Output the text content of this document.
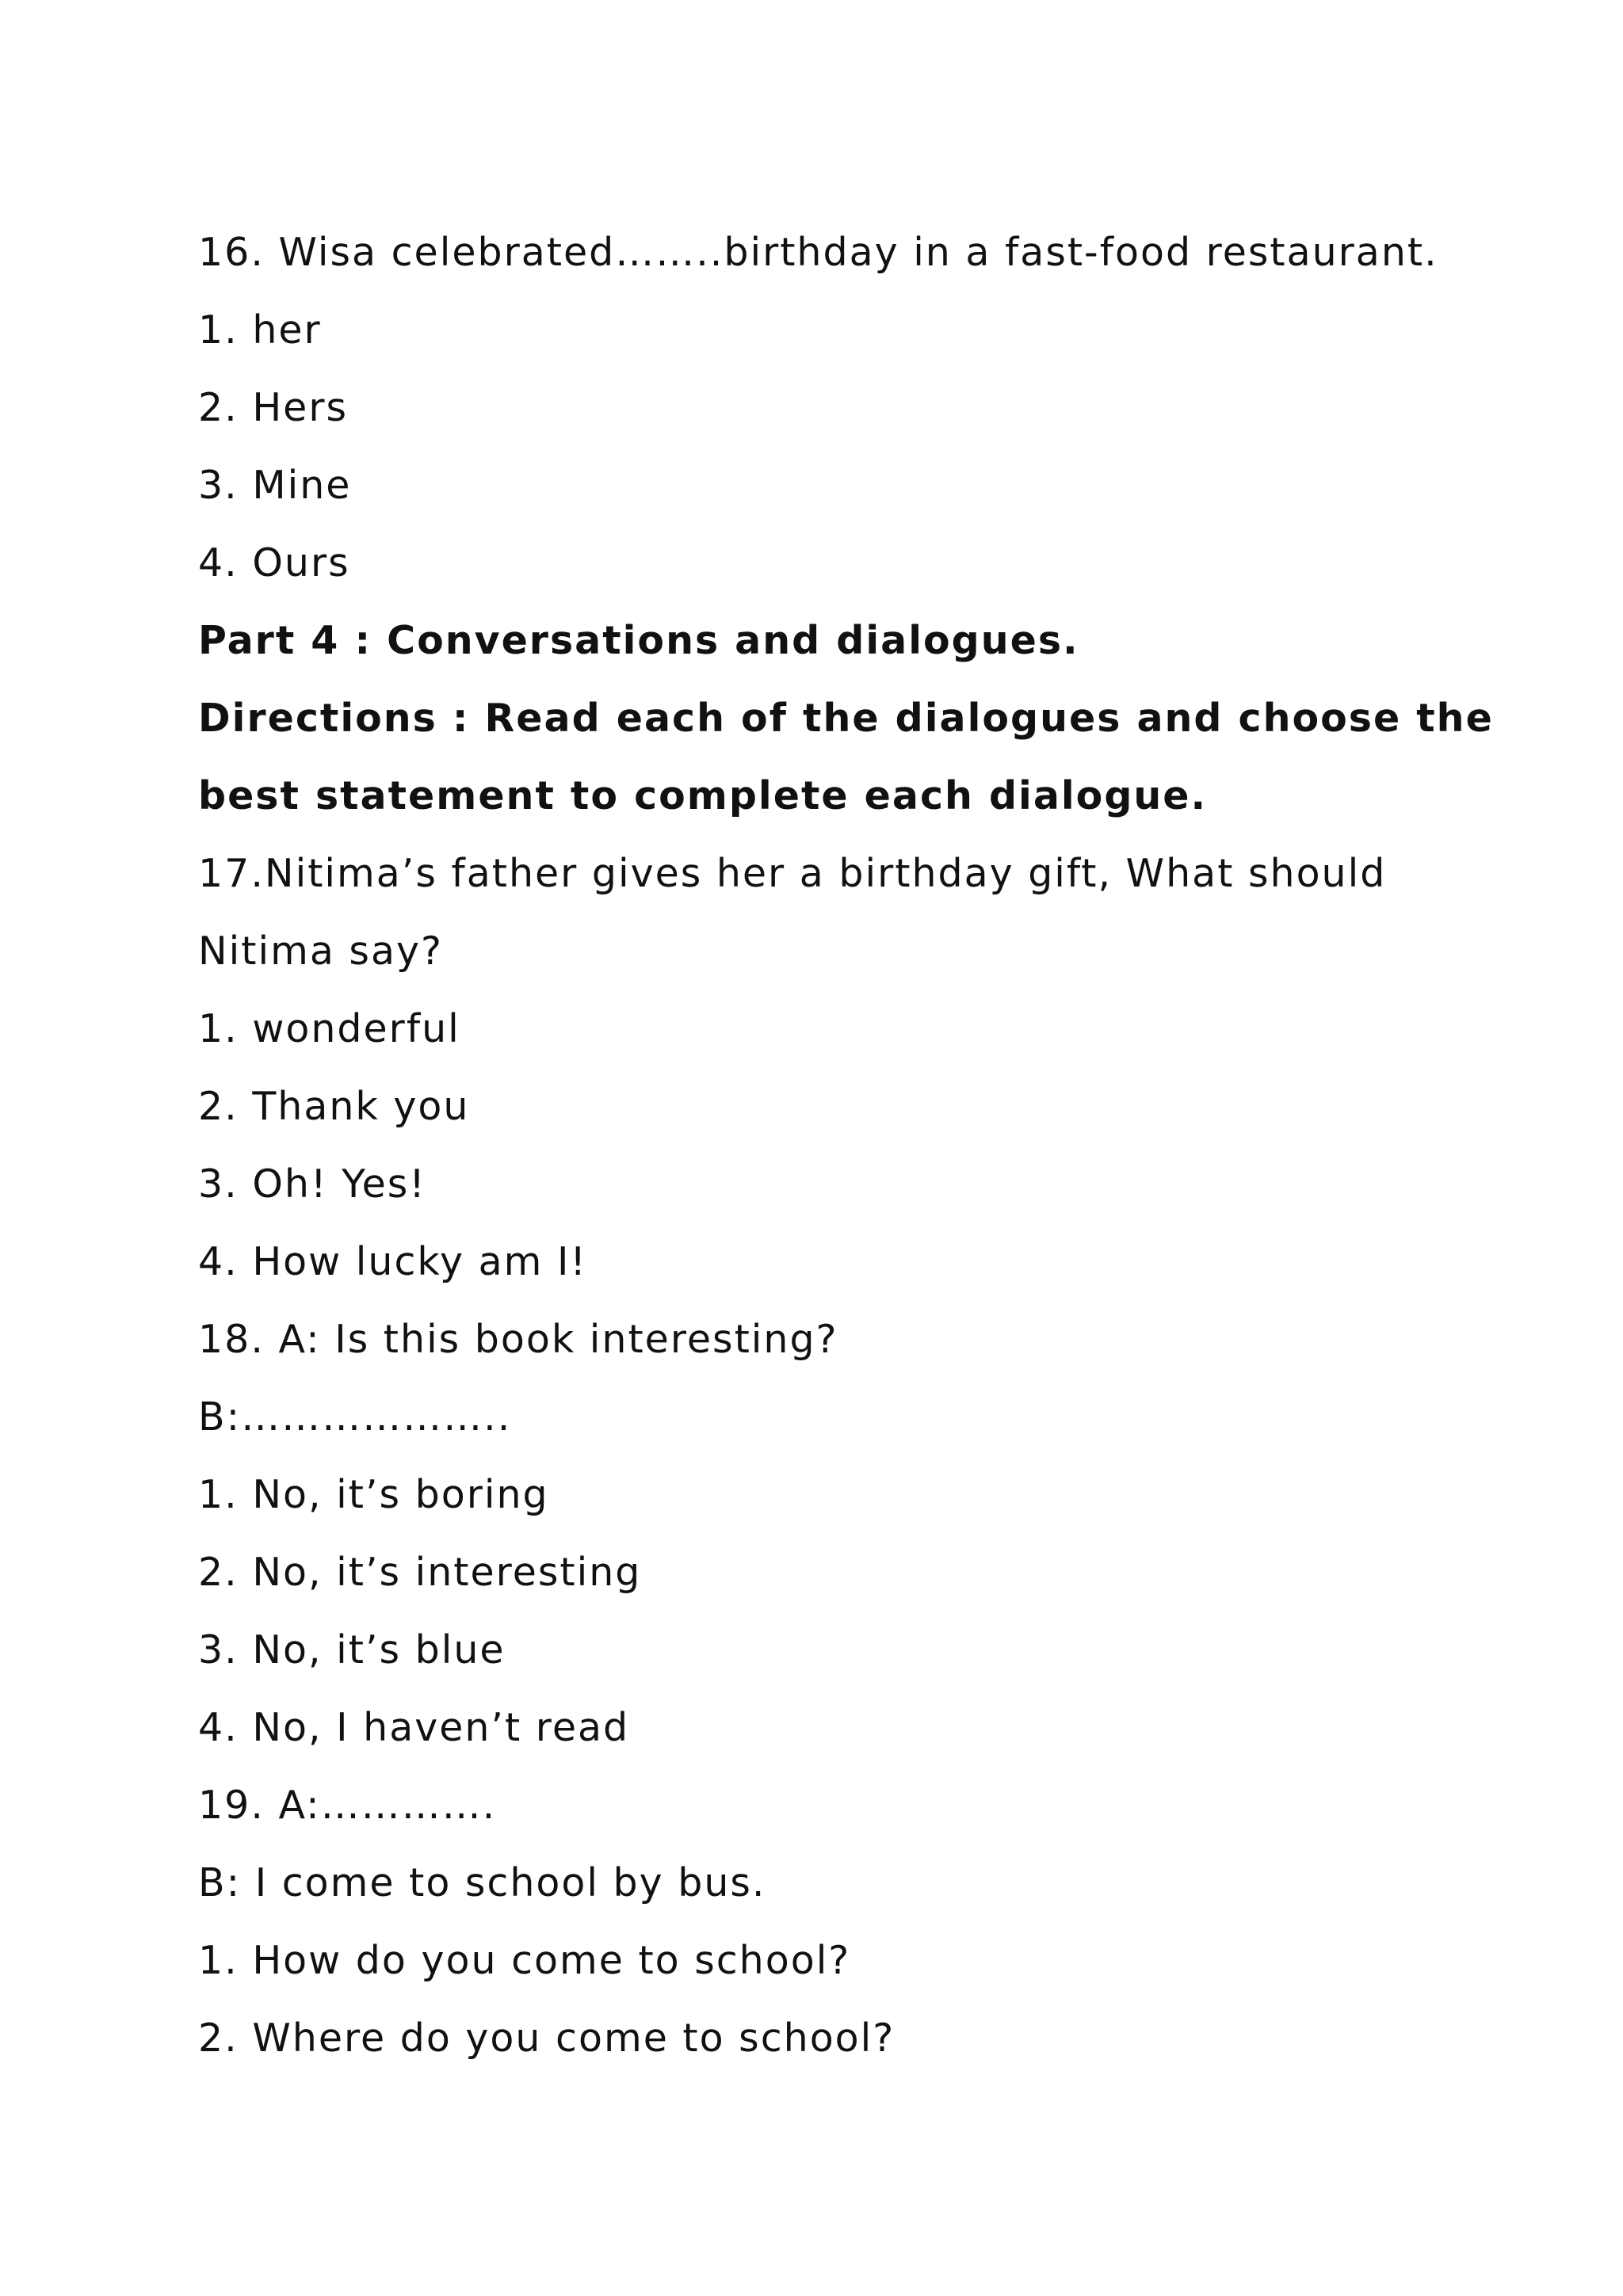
16. Wisa celebrated……..birthday in a fast-food restaurant.
1. her
2. Hers
3. Mine
4. Ours
Part 4 : Conversations and dialogues.
Directions : Read each of the dialogues and choose the
best statement to complete each dialogue.
17.Nitima’s father gives her a birthday gift, What should
Nitima say?
1. wonderful
2. Thank you
3. Oh! Yes!
4. How lucky am I!
18. A: Is this book interesting?
B:………………..
1. No, it’s boring
2. No, it’s interesting
3. No, it’s blue
4. No, I haven’t read
19. A:………….
B: I come to school by bus.
1. How do you come to school?
2. Where do you come to school?
